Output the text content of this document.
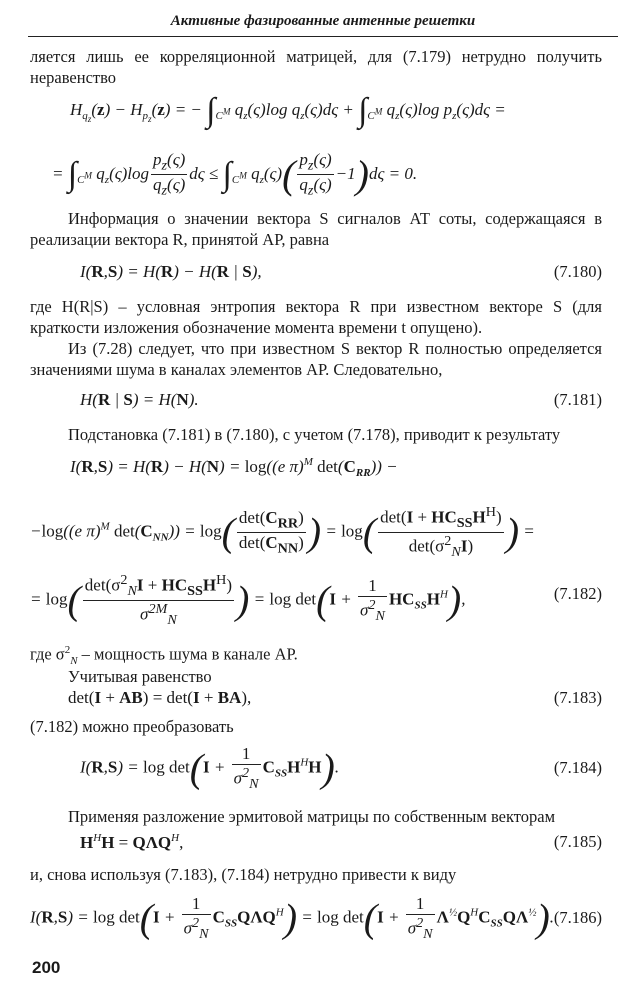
Активные фазированные антенные решетки
ляется лишь ее корреляционной матрицей, для (7.179) нетрудно получить неравенство
$H_{q_z}(z) - H_{p_z}(z)$ = − $\int_{C^M}$ $q_z(\varsigma)\log$ $q_z(\varsigma)d\varsigma + \int_{C^M}$ $q_z(\varsigma)\log$ $p_z(\varsigma)d\varsigma$ =
= $\int_{C^M}$ $q_z(\varsigma)\log \frac{p_z(\varsigma)}{q_z(\varsigma)}$ $d\varsigma \le \int_{C^M}$ $q_z(\varsigma)( \frac{p_z(\varsigma)}{q_z(\varsigma)} -1)d\varsigma = 0$.
Информация о значении вектора S сигналов АТ соты, содержащаяся в реализации вектора R, принятой АР, равна
I(R,S) = H(R) − H(R | S),	(7.180)
где H(R|S) – условная энтропия вектора R при известном векторе S (для краткости изложения обозначение момента времени t опущено).
Из (7.28) следует, что при известном S вектор R полностью определяется значениями шума в каналах элементов АР. Следовательно,
H(R | S) = H(N).	(7.181)
Подстановка (7.181) в (7.180), с учетом (7.178), приводит к результату
I(R,S) = H(R) − H(N) = log((e π)$^M$ $\det(C_{RR})$) −
−log((e π)$^M$ $\det(C_{NN})) = \log( \frac{\det(C_{RR})}{\det(C_{NN})}$ ) = $\log( \frac{\det(I + HC_{SS}H^H)}{\det(\sigma^2_NI)}$ ) =
= $\log( \frac{\det(\sigma^2_NI + HC_{SS}H^H)}{\sigma^{2M}_N}$ ) = $\log \det(I + \frac{1}{\sigma^2_N} HC_{SS}H^H)$,	(7.182)
где $\sigma^2_N$ – мощность шума в канале АР.
Учитывая равенство
det(I + AB) = det(I + BA),	(7.183)
(7.182) можно преобразовать
$I(R,S) = \log \det(I + \frac{1}{\sigma^2_N} C_{SS}H^HH)$.	(7.184)
Применяя разложение эрмитовой матрицы по собственным векторам
$H^HH = Q\Lambda Q^H$,	(7.185)
и, снова используя (7.183), (7.184) нетрудно привести к виду
$I(R,S) = \log \det(I + \frac{1}{\sigma^2_N} C_{SS}Q\Lambda Q^H) = \log \det(I + \frac{1}{\sigma^2_N} \Lambda^{\frac{1}{2}}Q^HC_{SS}Q\Lambda^{\frac{1}{2}})$. (7.186)
200
